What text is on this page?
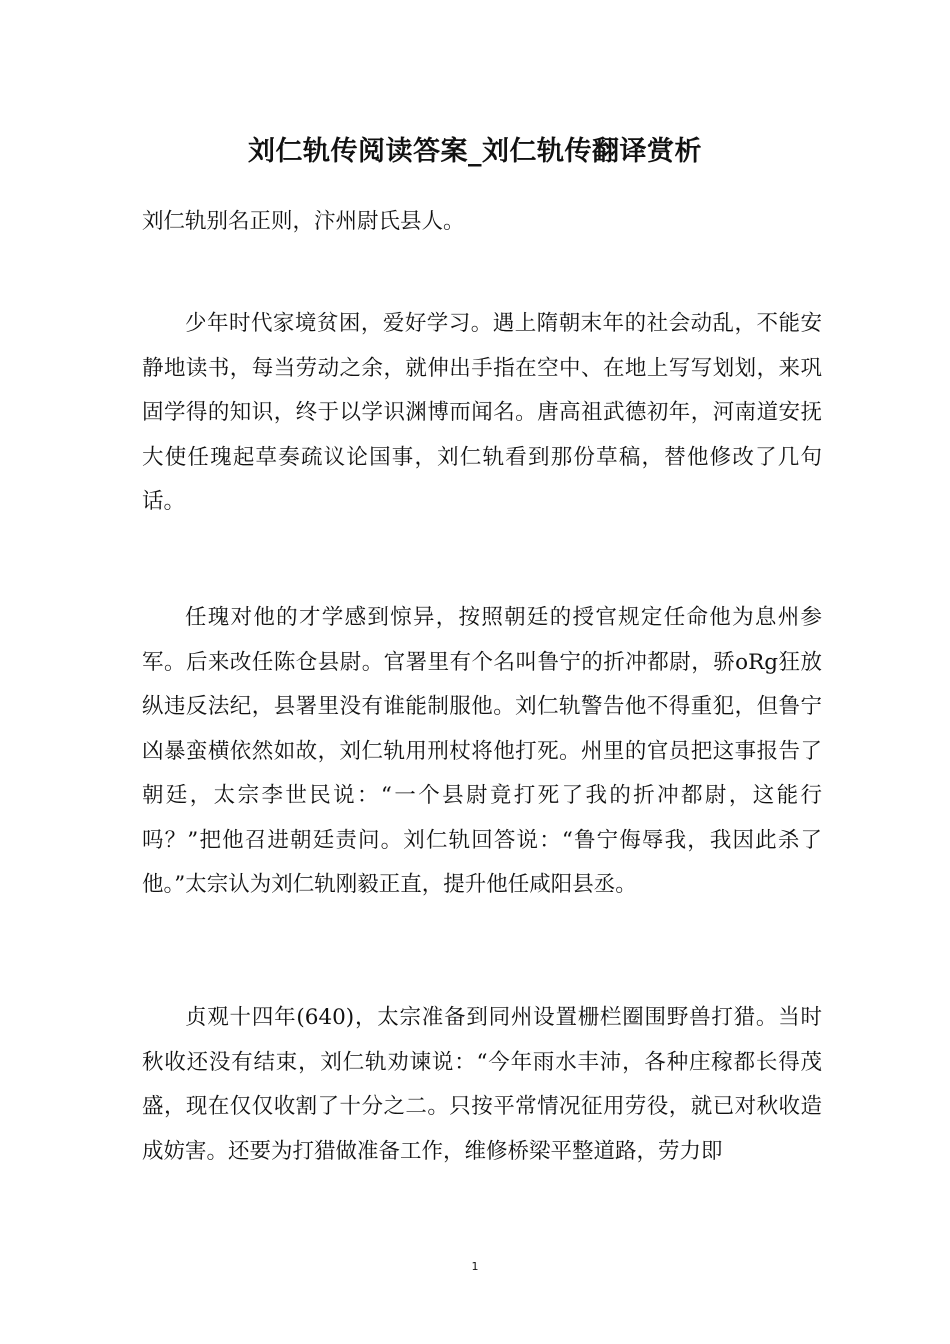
刘仁轨传阅读答案_刘仁轨传翻译赏析

刘仁轨别名正则，汴州尉氏县人。

少年时代家境贫困，爱好学习。遇上隋朝末年的社会动乱，不能安静地读书，每当劳动之余，就伸出手指在空中、在地上写写划划，来巩固学得的知识，终于以学识渊博而闻名。唐高祖武德初年，河南道安抚大使任瑰起草奏疏议论国事，刘仁轨看到那份草稿，替他修改了几句话。

任瑰对他的才学感到惊异，按照朝廷的授官规定任命他为息州参军。后来改任陈仓县尉。官署里有个名叫鲁宁的折冲都尉，骄oRg狂放纵违反法纪，县署里没有谁能制服他。刘仁轨警告他不得重犯，但鲁宁凶暴蛮横依然如故，刘仁轨用刑杖将他打死。州里的官员把这事报告了朝廷，太宗李世民说：“一个县尉竟打死了我的折冲都尉，这能行吗？”把他召进朝廷责问。刘仁轨回答说：“鲁宁侮辱我，我因此杀了他。”太宗认为刘仁轨刚毅正直，提升他任咸阳县丞。

贞观十四年(640)，太宗准备到同州设置栅栏圈围野兽打猎。当时秋收还没有结束，刘仁轨劝谏说：“今年雨水丰沛，各种庄稼都长得茂盛，现在仅仅收割了十分之二。只按平常情况征用劳役，就已对秋收造成妨害。还要为打猎做准备工作，维修桥梁平整道路，劳力即

1
